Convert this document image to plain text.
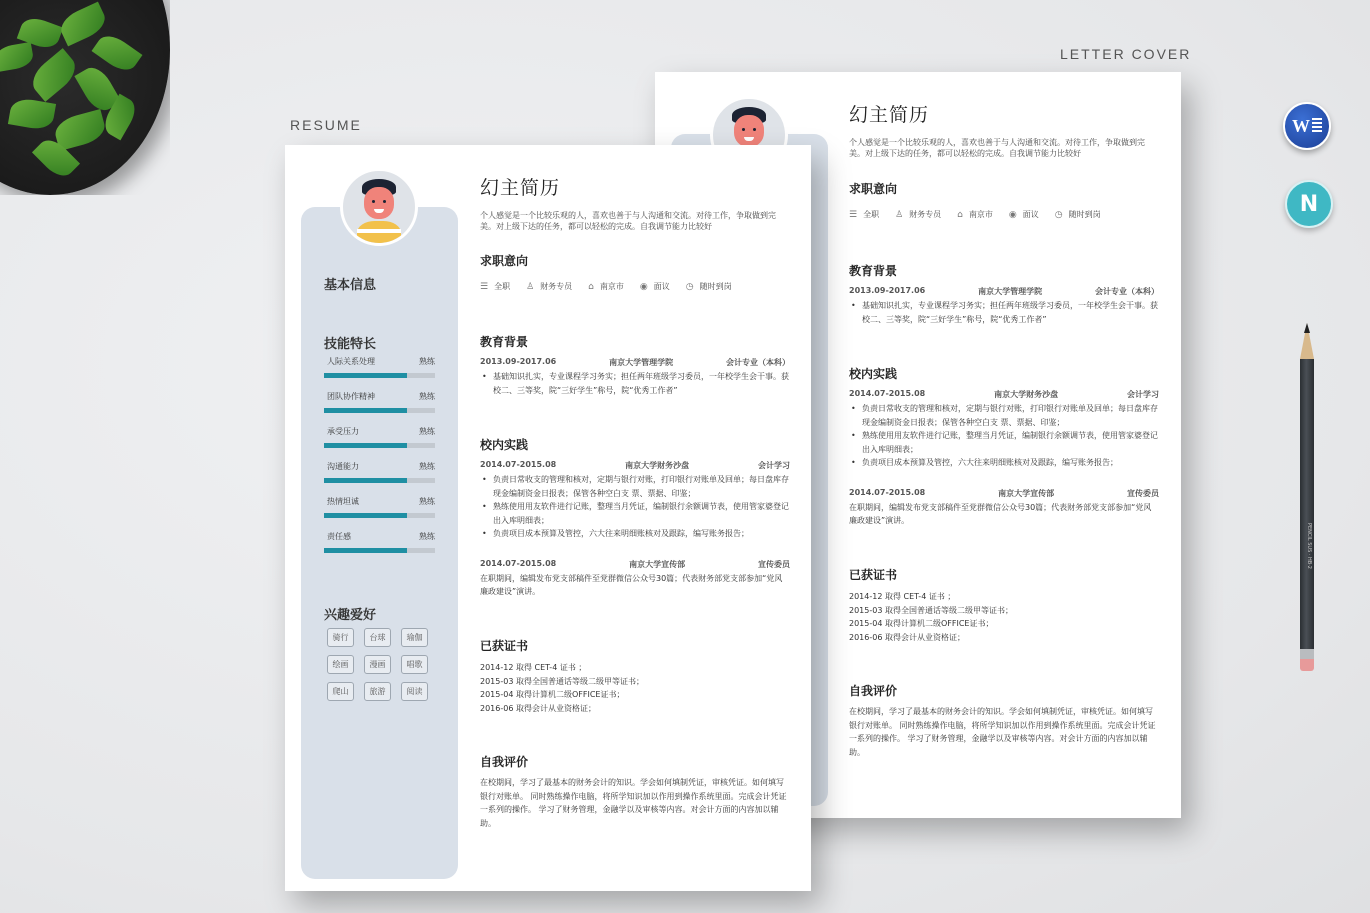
PENCIL SUS · HB·2
RESUME
LETTER COVER
W
N
幻主简历
个人感觉是一个比较乐观的人，喜欢也善于与人沟通和交流。对待工作，争取做到完美。对上级下达的任务，都可以轻松的完成。自我调节能力比较好
求职意向
☰ 全职 ♙ 财务专员 ⌂ 南京市 ◉ 面议 ◷ 随时到岗
教育背景
2013.09-2017.06	南京大学管理学院	会计专业（本科）
• 基础知识扎实，专业课程学习务实；担任两年班级学习委员，一年校学生会干事。获校二、三等奖，院“三好学生”称号，院“优秀工作者”
校内实践
2014.07-2015.08	南京大学财务沙盘	会计学习
• 负责日常收支的管理和核对，定期与银行对账，打印银行对账单及回单；每日盘库存现金编制资金日报表；保管各种空白支 票、票据、印鉴；
• 熟练使用用友软件进行记账，整理当月凭证，编制银行余额调节表，使用管家婆登记出入库明细表；
• 负责项目成本预算及管控，六大往来明细账核对及跟踪，编写账务报告；
2014.07-2015.08	南京大学宣传部	宣传委员
在职期间，编辑发布党支部稿件至党群微信公众号30篇；代表财务部党支部参加“党风廉政建设”演讲。
已获证书
2014-12 取得 CET-4 证书 ；
2015-03 取得全国普通话等级二级甲等证书；
2015-04 取得计算机二级OFFICE证书；
2016-06 取得会计从业资格证；
自我评价
在校期间，学习了最基本的财务会计的知识。学会如何填制凭证，审核凭证。如何填写银行对账单。 同时熟练操作电脑，将所学知识加以作用到操作系统里面。完成会计凭证一系列的操作。 学习了财务管理，金融学以及审核等内容。对会计方面的内容加以辅助。
基本信息
技能特长
人际关系处理	熟练
团队协作精神	熟练
承受压力	熟练
沟通能力	熟练
热情坦诚	熟练
责任感	熟练
兴趣爱好
骑行	台球	瑜伽
绘画	漫画	唱歌
爬山	旅游	阅读
幻主简历
个人感觉是一个比较乐观的人，喜欢也善于与人沟通和交流。对待工作，争取做到完美。对上级下达的任务，都可以轻松的完成。自我调节能力比较好
求职意向
☰ 全职 ♙ 财务专员 ⌂ 南京市 ◉ 面议 ◷ 随时到岗
教育背景
2013.09-2017.06	南京大学管理学院	会计专业（本科）
• 基础知识扎实，专业课程学习务实；担任两年班级学习委员，一年校学生会干事。获校二、三等奖，院“三好学生”称号，院“优秀工作者”
校内实践
2014.07-2015.08	南京大学财务沙盘	会计学习
• 负责日常收支的管理和核对，定期与银行对账，打印银行对账单及回单；每日盘库存现金编制资金日报表；保管各种空白支 票、票据、印鉴；
• 熟练使用用友软件进行记账，整理当月凭证，编制银行余额调节表，使用管家婆登记出入库明细表；
• 负责项目成本预算及管控，六大往来明细账核对及跟踪，编写账务报告；
2014.07-2015.08	南京大学宣传部	宣传委员
在职期间，编辑发布党支部稿件至党群微信公众号30篇；代表财务部党支部参加“党风廉政建设”演讲。
已获证书
2014-12 取得 CET-4 证书 ；
2015-03 取得全国普通话等级二级甲等证书；
2015-04 取得计算机二级OFFICE证书；
2016-06 取得会计从业资格证；
自我评价
在校期间，学习了最基本的财务会计的知识。学会如何填制凭证，审核凭证。如何填写银行对账单。 同时熟练操作电脑，将所学知识加以作用到操作系统里面。完成会计凭证一系列的操作。 学习了财务管理，金融学以及审核等内容。对会计方面的内容加以辅助。
